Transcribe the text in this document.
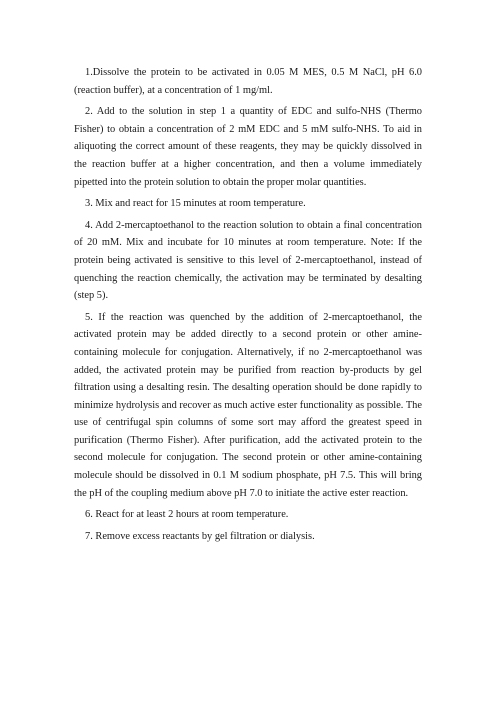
1.Dissolve the protein to be activated in 0.05 M MES, 0.5 M NaCl, pH 6.0 (reaction buffer), at a concentration of 1 mg/ml.

2. Add to the solution in step 1 a quantity of EDC and sulfo-NHS (Thermo Fisher) to obtain a concentration of 2 mM EDC and 5 mM sulfo-NHS. To aid in aliquoting the correct amount of these reagents, they may be quickly dissolved in the reaction buffer at a higher concentration, and then a volume immediately pipetted into the protein solution to obtain the proper molar quantities.

3. Mix and react for 15 minutes at room temperature.

4. Add 2-mercaptoethanol to the reaction solution to obtain a final concentration of 20 mM. Mix and incubate for 10 minutes at room temperature. Note: If the protein being activated is sensitive to this level of 2-mercaptoethanol, instead of quenching the reaction chemically, the activation may be terminated by desalting (step 5).

5. If the reaction was quenched by the addition of 2-mercaptoethanol, the activated protein may be added directly to a second protein or other amine-containing molecule for conjugation. Alternatively, if no 2-mercaptoethanol was added, the activated protein may be purified from reaction by-products by gel filtration using a desalting resin. The desalting operation should be done rapidly to minimize hydrolysis and recover as much active ester functionality as possible. The use of centrifugal spin columns of some sort may afford the greatest speed in purification (Thermo Fisher). After purification, add the activated protein to the second molecule for conjugation. The second protein or other amine-containing molecule should be dissolved in 0.1 M sodium phosphate, pH 7.5. This will bring the pH of the coupling medium above pH 7.0 to initiate the active ester reaction.

6. React for at least 2 hours at room temperature.

7. Remove excess reactants by gel filtration or dialysis.
